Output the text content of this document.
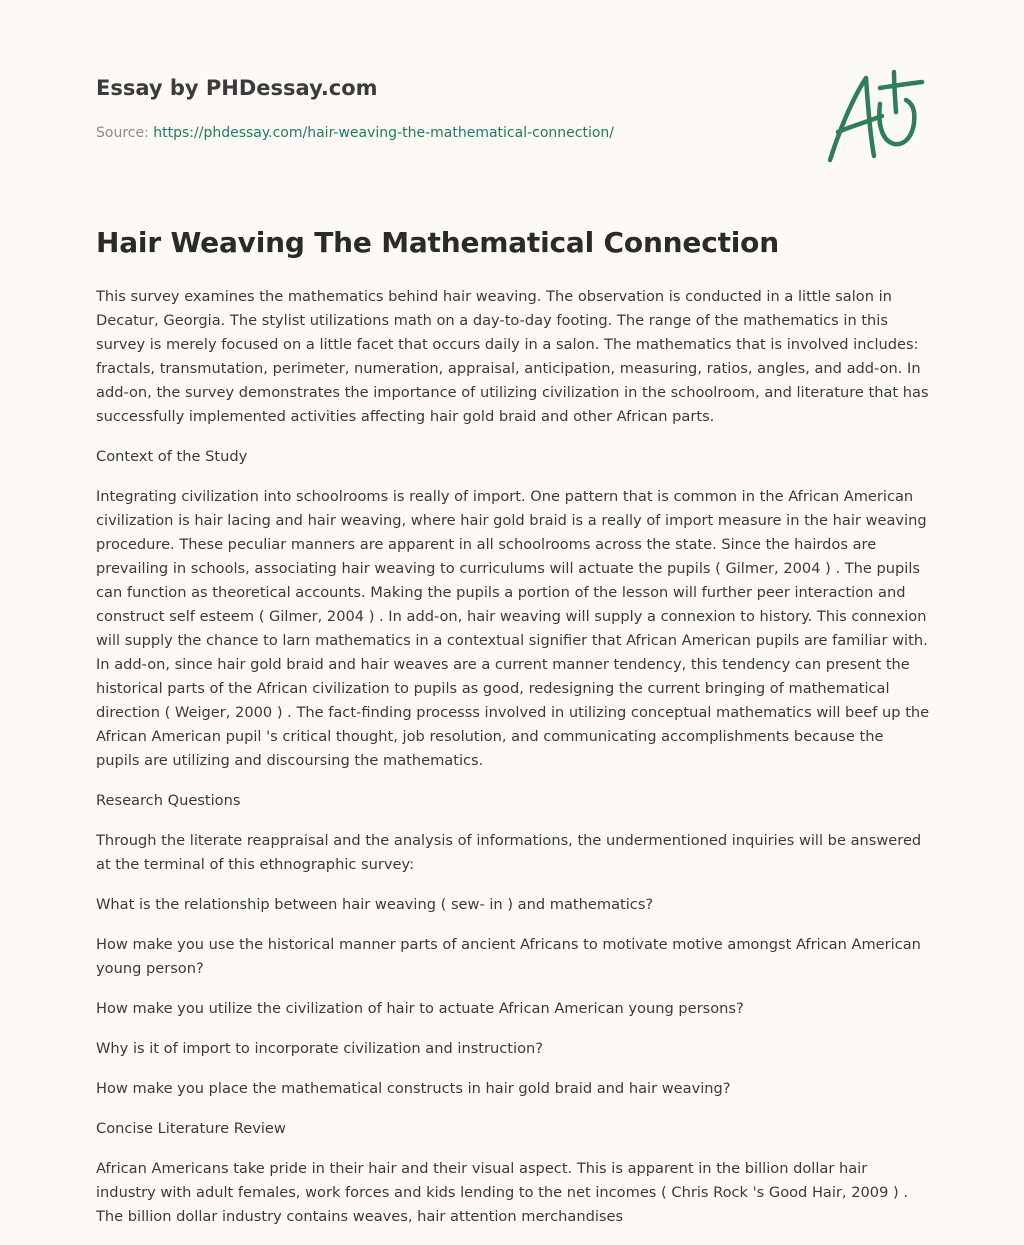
Essay by PHDessay.com
Source: https://phdessay.com/hair-weaving-the-mathematical-connection/
Hair Weaving The Mathematical Connection

This survey examines the mathematics behind hair weaving. The observation is conducted in a little salon in Decatur, Georgia. The stylist utilizations math on a day-to-day footing. The range of the mathematics in this survey is merely focused on a little facet that occurs daily in a salon. The mathematics that is involved includes: fractals, transmutation, perimeter, numeration, appraisal, anticipation, measuring, ratios, angles, and add-on. In add-on, the survey demonstrates the importance of utilizing civilization in the schoolroom, and literature that has successfully implemented activities affecting hair gold braid and other African parts.

Context of the Study

Integrating civilization into schoolrooms is really of import. One pattern that is common in the African American civilization is hair lacing and hair weaving, where hair gold braid is a really of import measure in the hair weaving procedure. These peculiar manners are apparent in all schoolrooms across the state. Since the hairdos are prevailing in schools, associating hair weaving to curriculums will actuate the pupils ( Gilmer, 2004 ) . The pupils can function as theoretical accounts. Making the pupils a portion of the lesson will further peer interaction and construct self esteem ( Gilmer, 2004 ) . In add-on, hair weaving will supply a connexion to history. This connexion will supply the chance to larn mathematics in a contextual signifier that African American pupils are familiar with. In add-on, since hair gold braid and hair weaves are a current manner tendency, this tendency can present the historical parts of the African civilization to pupils as good, redesigning the current bringing of mathematical direction ( Weiger, 2000 ) . The fact-finding processs involved in utilizing conceptual mathematics will beef up the African American pupil 's critical thought, job resolution, and communicating accomplishments because the pupils are utilizing and discoursing the mathematics.

Research Questions

Through the literate reappraisal and the analysis of informations, the undermentioned inquiries will be answered at the terminal of this ethnographic survey:

What is the relationship between hair weaving ( sew- in ) and mathematics?

How make you use the historical manner parts of ancient Africans to motivate motive amongst African American young person?

How make you utilize the civilization of hair to actuate African American young persons?

Why is it of import to incorporate civilization and instruction?

How make you place the mathematical constructs in hair gold braid and hair weaving?

Concise Literature Review

African Americans take pride in their hair and their visual aspect. This is apparent in the billion dollar hair industry with adult females, work forces and kids lending to the net incomes ( Chris Rock 's Good Hair, 2009 ) . The billion dollar industry contains weaves, hair attention merchandises
